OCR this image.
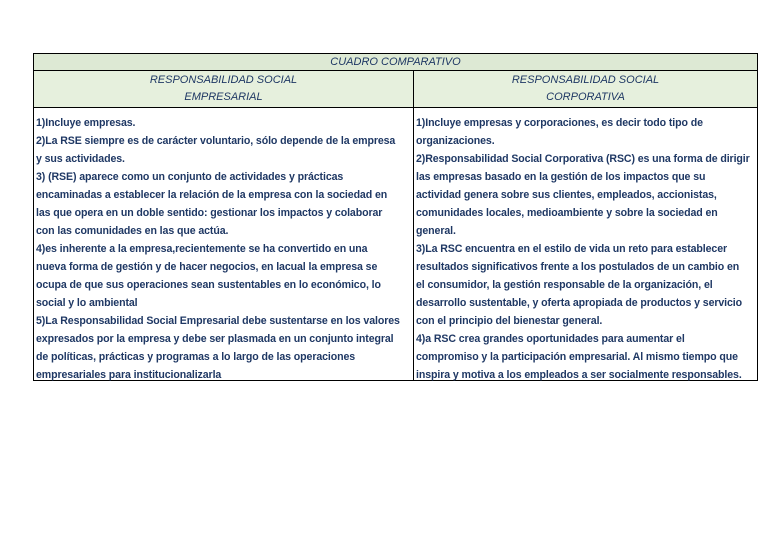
CUADRO COMPARATIVO
RESPONSABILIDAD SOCIAL
EMPRESARIAL
RESPONSABILIDAD SOCIAL
CORPORATIVA
1)Incluye empresas.
2)La RSE siempre es de carácter voluntario, sólo depende de la empresa
y sus actividades.
3) (RSE) aparece como un conjunto de actividades y prácticas
encaminadas a establecer la relación de la empresa con la sociedad en
las que opera en un doble sentido: gestionar los impactos y colaborar
con las comunidades en las que actúa.
4)es inherente a la empresa,recientemente se ha convertido en una
nueva forma de gestión y de hacer negocios, en lacual la empresa se
ocupa de que sus operaciones sean sustentables en lo económico, lo
social y lo ambiental
5)La Responsabilidad Social Empresarial debe sustentarse en los valores
expresados por la empresa y debe ser plasmada en un conjunto integral
de políticas, prácticas y programas a lo largo de las operaciones
empresariales para institucionalizarla
1)Incluye empresas y corporaciones, es decir todo tipo de
organizaciones.
2)Responsabilidad Social Corporativa (RSC) es una forma de dirigir
las empresas basado en la gestión de los impactos que su
actividad genera sobre sus clientes, empleados, accionistas,
comunidades locales, medioambiente y sobre la sociedad en
general.
3)La RSC encuentra en el estilo de vida un reto para establecer
resultados significativos frente a los postulados de un cambio en
el consumidor, la gestión responsable de la organización, el
desarrollo sustentable, y oferta apropiada de productos y servicio
con el principio del bienestar general.
4)a RSC crea grandes oportunidades para aumentar el
compromiso y la participación empresarial. Al mismo tiempo que
inspira y motiva a los empleados a ser socialmente responsables.
